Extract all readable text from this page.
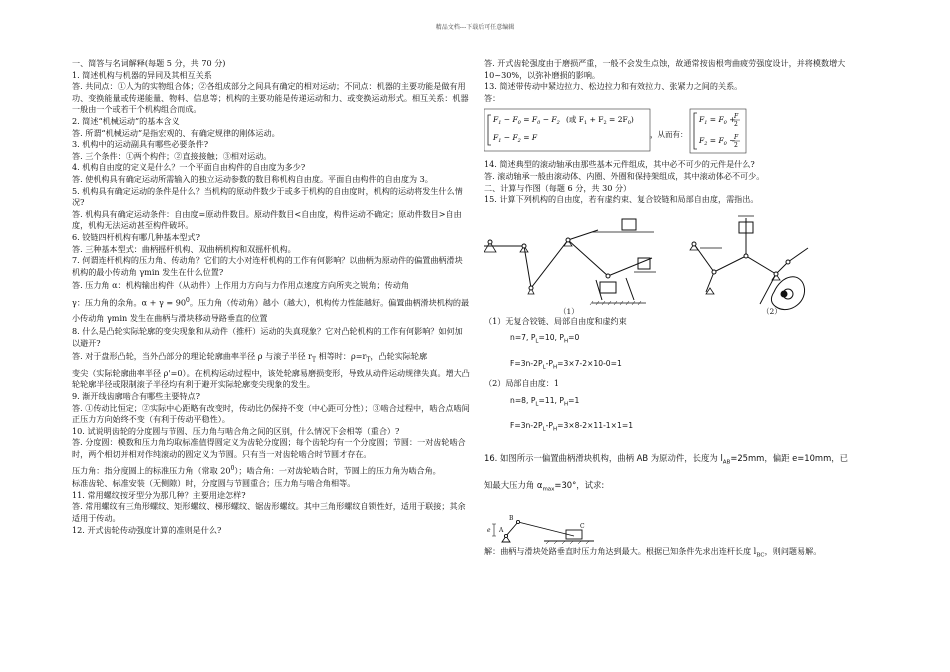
精品文档---下载后可任意编辑

一、简答与名词解释(每题 5 分，共 70 分)

1. 简述机构与机器的异同及其相互关系

答. 共同点：①人为的实物组合体；②各组成部分之间具有确定的相对运动；不同点：机器的主要功能是做有用功、变换能量或传递能量、物料、信息等；机构的主要功能是传递运动和力、或变换运动形式。相互关系：机器一般由一个或若干个机构组合而成。

2. 简述“机械运动”的基本含义

答. 所谓“机械运动”是指宏观的、有确定规律的刚体运动。

3. 机构中的运动副具有哪些必要条件?

答. 三个条件：①两个构件；②直接接触；③相对运动。

4. 机构自由度的定义是什么？一个平面自由构件的自由度为多少?

答. 使机构具有确定运动所需输入的独立运动参数的数目称机构自由度。平面自由构件的自由度为 3。

5. 机构具有确定运动的条件是什么？当机构的原动件数少于或多于机构的自由度时，机构的运动将发生什么情况?

答. 机构具有确定运动条件：自由度=原动件数目。原动件数目<自由度，构件运动不确定；原动件数目>自由度，机构无法运动甚至构件破坏。

6. 铰链四杆机构有哪几种基本型式?

答. 三种基本型式：曲柄摇杆机构、双曲柄机构和双摇杆机构。

7. 何谓连杆机构的压力角、传动角？它们的大小对连杆机构的工作有何影响？以曲柄为原动件的偏置曲柄滑块机构的最小传动角 γmin 发生在什么位置?

答. 压力角 α：机构输出构件（从动件）上作用力方向与力作用点速度方向所夹之锐角；传动角

γ：压力角的余角。$\alpha + \gamma = 90^0$。压力角（传动角）越小（越大），机构传力性能越好。偏置曲柄滑块机构的最小传动角 γmin 发生在曲柄与滑块移动导路垂直的位置

8. 什么是凸轮实际轮廓的变尖现象和从动件（推杆）运动的失真现象？它对凸轮机构的工作有何影响？如何加以避开?

答. 对于盘形凸轮，当外凸部分的理论轮廓曲率半径 ρ 与滚子半径 $r_T$ 相等时：$\rho=r_T$，凸轮实际轮廓

变尖（实际轮廓曲率半径 ρ'=0）。在机构运动过程中，该处轮廓易磨损变形，导致从动件运动规律失真。增大凸轮轮廓半径或限制滚子半径均有利于避开实际轮廓变尖现象的发生。

9. 渐开线齿廓啮合有哪些主要特点?

答. ①传动比恒定；②实际中心距略有改变时，传动比仍保持不变（中心距可分性）；③啮合过程中，啮合点啮间正压力方向始终不变（有利于传动平稳性）。

10. 试说明齿轮的分度圆与节圆、压力角与啮合角之间的区别，什么情况下会相等（重合）?

答. 分度圆：模数和压力角均取标准值得圆定义为齿轮分度圆；每个齿轮均有一个分度圆；节圆：一对齿轮啮合时，两个相切并相对作纯滚动的圆定义为节圆。只有当一对齿轮啮合时节圆才存在。

压力角：指分度圆上的标准压力角（常取 $20^0$）；啮合角：一对齿轮啮合时，节圆上的压力角为啮合角。

标准齿轮、标准安装（无侧隙）时，分度圆与节圆重合；压力角与啮合角相等。

11. 常用螺纹按牙型分为那几种？主要用途怎样?

答. 常用螺纹有三角形螺纹、矩形螺纹、梯形螺纹、锯齿形螺纹。其中三角形螺纹自锁性好，适用于联接；其余适用于传动。

12. 开式齿轮传动强度计算的准则是什么?

答. 开式齿轮强度由于磨损严重，一般不会发生点蚀，故通常按齿根弯曲疲劳强度设计，并将模数增大 10~30%，以弥补磨损的影响。

13. 简述带传动中紧边拉力、松边拉力和有效拉力、张紧力之间的关系。

答：

$F_1 - F_0 = F_0 - F_2$ (或 $F_1 + F_2 = 2F_0$)
$F_1 - F_2 = F$	，从而有：
$F_1 = F_0$ +
F
2
$F_2 = F_0$ −
F
2

14. 简述典型的滚动轴承由那些基本元件组成，其中必不可少的元件是什么?

答. 滚动轴承一般由滚动体、内圈、外圈和保持架组成，其中滚动体必不可少。

二、计算与作图（每题 6 分，共 30 分）

15. 计算下列机构的自由度，若有虚约束、复合铰链和局部自由度，需指出。

（1）	（2）

（1）无复合铰链、局部自由度和虚约束

n=7, $P_L=10$, $P_H=0$

$F=3n-2P_L-P_H=3\times 7-2\times 10-0=1$

（2）局部自由度：1

n=8, $P_L=11$, $P_H=1$

$F=3n-2P_L-P_H=3\times 8-2\times 11-1\times 1=1$

16. 如图所示一偏置曲柄滑块机构，曲柄 AB 为原动件，长度为 $l_{AB}=25mm$，偏距 e=10mm，已

知最大压力角 $\alpha_{max}=30^\circ$，试求:

B
A
C
e

解：曲柄与滑块处路垂直时压力角达到最大。根据已知条件先求出连杆长度 $l_{BC}$，则问题易解。
